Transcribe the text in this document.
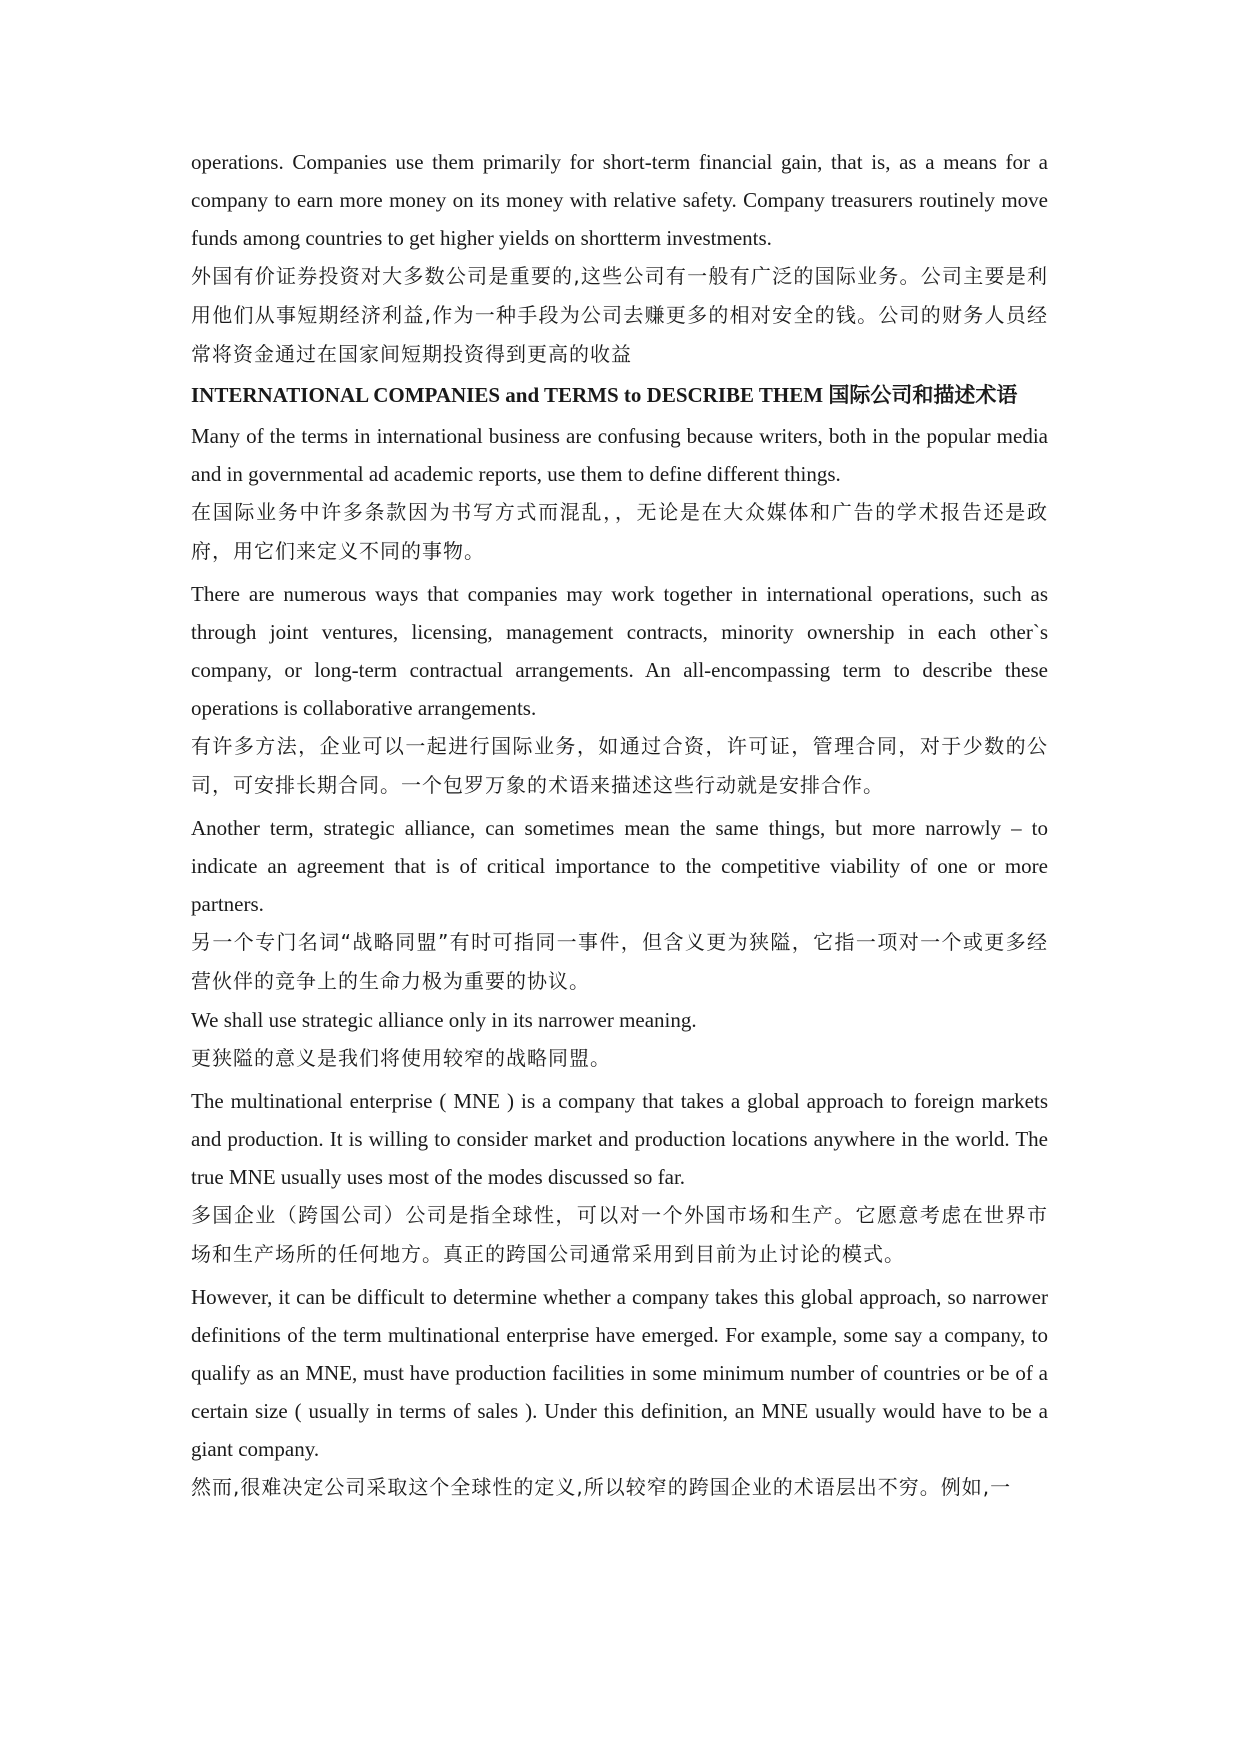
operations. Companies use them primarily for short-term financial gain, that is, as a means for a company to earn more money on its money with relative safety. Company treasurers routinely move funds among countries to get higher yields on shortterm investments.

外国有价证券投资对大多数公司是重要的,这些公司有一般有广泛的国际业务。公司主要是利用他们从事短期经济利益,作为一种手段为公司去赚更多的相对安全的钱。公司的财务人员经常将资金通过在国家间短期投资得到更高的收益

INTERNATIONAL COMPANIES and TERMS to DESCRIBE THEM 国际公司和描述术语

Many of the terms in international business are confusing because writers, both in the popular media and in governmental ad academic reports, use them to define different things.

在国际业务中许多条款因为书写方式而混乱，，无论是在大众媒体和广告的学术报告还是政府，用它们来定义不同的事物。

There are numerous ways that companies may work together in international operations, such as through joint ventures, licensing, management contracts, minority ownership in each other`s company, or long-term contractual arrangements. An all-encompassing term to describe these operations is collaborative arrangements.

有许多方法，企业可以一起进行国际业务，如通过合资，许可证，管理合同，对于少数的公司，可安排长期合同。一个包罗万象的术语来描述这些行动就是安排合作。

Another term, strategic alliance, can sometimes mean the same things, but more narrowly – to indicate an agreement that is of critical importance to the competitive viability of one or more partners.

另一个专门名词“战略同盟”有时可指同一事件，但含义更为狭隘，它指一项对一个或更多经营伙伴的竞争上的生命力极为重要的协议。

We shall use strategic alliance only in its narrower meaning.

更狭隘的意义是我们将使用较窄的战略同盟。

The multinational enterprise ( MNE ) is a company that takes a global approach to foreign markets and production. It is willing to consider market and production locations anywhere in the world. The true MNE usually uses most of the modes discussed so far.

多国企业（跨国公司）公司是指全球性，可以对一个外国市场和生产。它愿意考虑在世界市场和生产场所的任何地方。真正的跨国公司通常采用到目前为止讨论的模式。

However, it can be difficult to determine whether a company takes this global approach, so narrower definitions of the term multinational enterprise have emerged. For example, some say a company, to qualify as an MNE, must have production facilities in some minimum number of countries or be of a certain size ( usually in terms of sales ). Under this definition, an MNE usually would have to be a giant company.

然而,很难决定公司采取这个全球性的定义,所以较窄的跨国企业的术语层出不穷。例如,一
